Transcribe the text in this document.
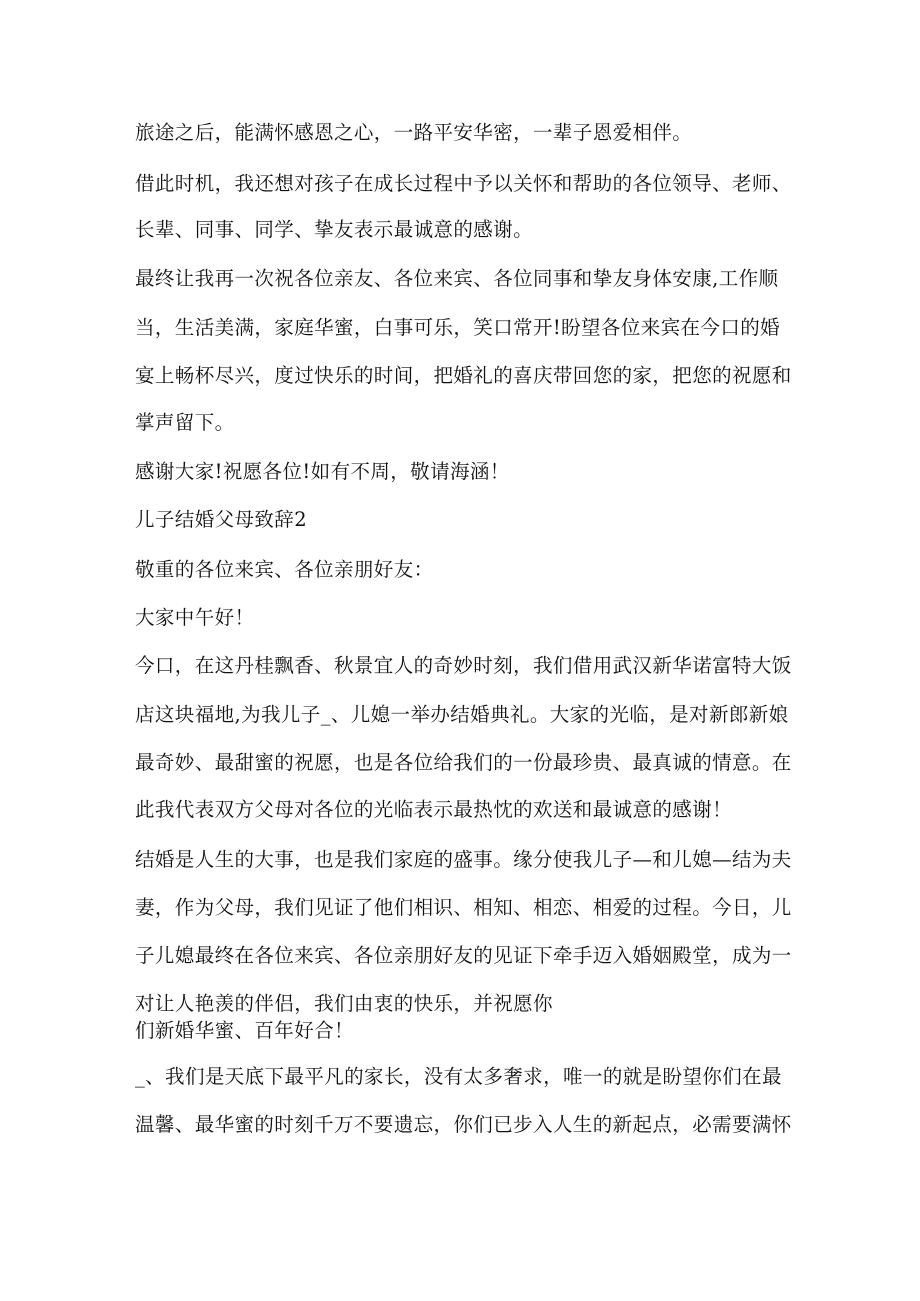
旅途之后，能满怀感恩之心，一路平安华密，一辈子恩爱相伴。
借此时机，我还想对孩子在成长过程中予以关怀和帮助的各位领导、老师、
长辈、同事、同学、挚友表示最诚意的感谢。
最终让我再一次祝各位亲友、各位来宾、各位同事和挚友身体安康,工作顺
当，生活美满，家庭华蜜，白事可乐，笑口常开!盼望各位来宾在今口的婚
宴上畅杯尽兴，度过快乐的时间，把婚礼的喜庆带回您的家，把您的祝愿和
掌声留下。
感谢大家!祝愿各位!如有不周，敬请海涵！
儿子结婚父母致辞2
敬重的各位来宾、各位亲朋好友：
大家中午好！
今口，在这丹桂飘香、秋景宜人的奇妙时刻，我们借用武汉新华诺富特大饭
店这块福地,为我儿子_、儿媳一举办结婚典礼。大家的光临，是对新郎新娘
最奇妙、最甜蜜的祝愿，也是各位给我们的一份最珍贵、最真诚的情意。在
此我代表双方父母对各位的光临表示最热忱的欢送和最诚意的感谢！
结婚是人生的大事，也是我们家庭的盛事。缘分使我儿子—和儿媳—结为夫
妻，作为父母，我们见证了他们相识、相知、相恋、相爱的过程。今日，儿
子儿媳最终在各位来宾、各位亲朋好友的见证下牵手迈入婚姻殿堂，成为一
对让人艳羡的伴侣，我们由衷的快乐，并祝愿你
们新婚华蜜、百年好合！
_、我们是天底下最平凡的家长，没有太多奢求，唯一的就是盼望你们在最
温馨、最华蜜的时刻千万不要遗忘，你们已步入人生的新起点，必需要满怀
